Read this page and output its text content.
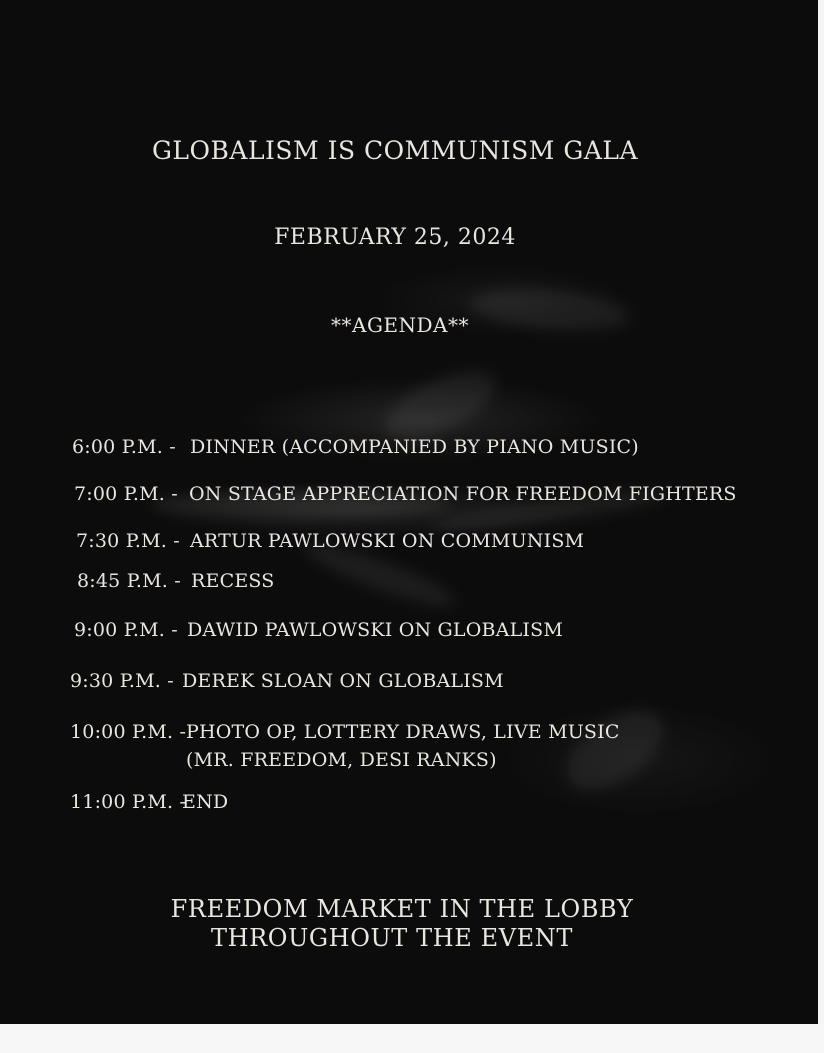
GLOBALISM IS COMMUNISM GALA
FEBRUARY 25, 2024
**AGENDA**
6:00 P.M. - DINNER (ACCOMPANIED BY PIANO MUSIC)
7:00 P.M. - ON STAGE APPRECIATION FOR FREEDOM FIGHTERS
7:30 P.M. - ARTUR PAWLOWSKI ON COMMUNISM
8:45 P.M. - RECESS
9:00 P.M. - DAWID PAWLOWSKI ON GLOBALISM
9:30 P.M. - DEREK SLOAN ON GLOBALISM
10:00 P.M. - PHOTO OP, LOTTERY DRAWS, LIVE MUSIC
(MR. FREEDOM, DESI RANKS)
11:00 P.M. -
END
FREEDOM MARKET IN THE LOBBY
THROUGHOUT THE EVENT
